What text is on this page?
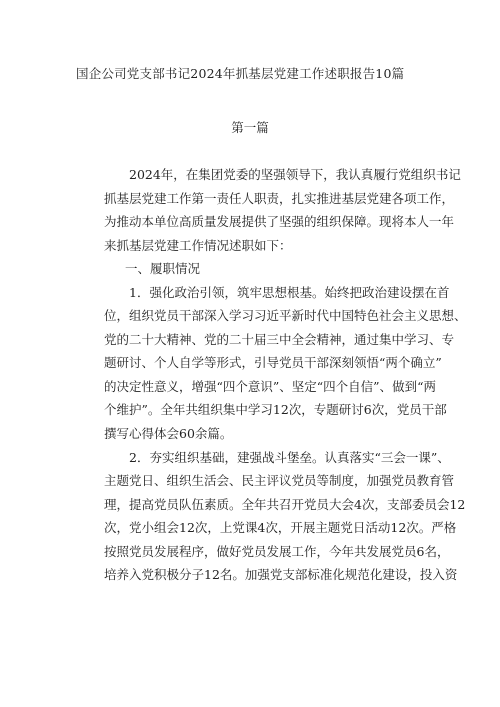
国企公司党支部书记2024年抓基层党建工作述职报告10篇
第一篇
2024年，在集团党委的坚强领导下，我认真履行党组织书记
抓基层党建工作第一责任人职责，扎实推进基层党建各项工作，
为推动本单位高质量发展提供了坚强的组织保障。现将本人一年
来抓基层党建工作情况述职如下：
一、履职情况
1．强化政治引领，筑牢思想根基。始终把政治建设摆在首
位，组织党员干部深入学习习近平新时代中国特色社会主义思想、
党的二十大精神、党的二十届三中全会精神，通过集中学习、专
题研讨、个人自学等形式，引导党员干部深刻领悟“两个确立”
的决定性意义，增强“四个意识”、坚定“四个自信”、做到“两
个维护”。全年共组织集中学习12次，专题研讨6次，党员干部
撰写心得体会60余篇。
2．夯实组织基础，建强战斗堡垒。认真落实“三会一课”、
主题党日、组织生活会、民主评议党员等制度，加强党员教育管
理，提高党员队伍素质。全年共召开党员大会4次，支部委员会12
次，党小组会12次，上党课4次，开展主题党日活动12次。严格
按照党员发展程序，做好党员发展工作，今年共发展党员6名，
培养入党积极分子12名。加强党支部标准化规范化建设，投入资
